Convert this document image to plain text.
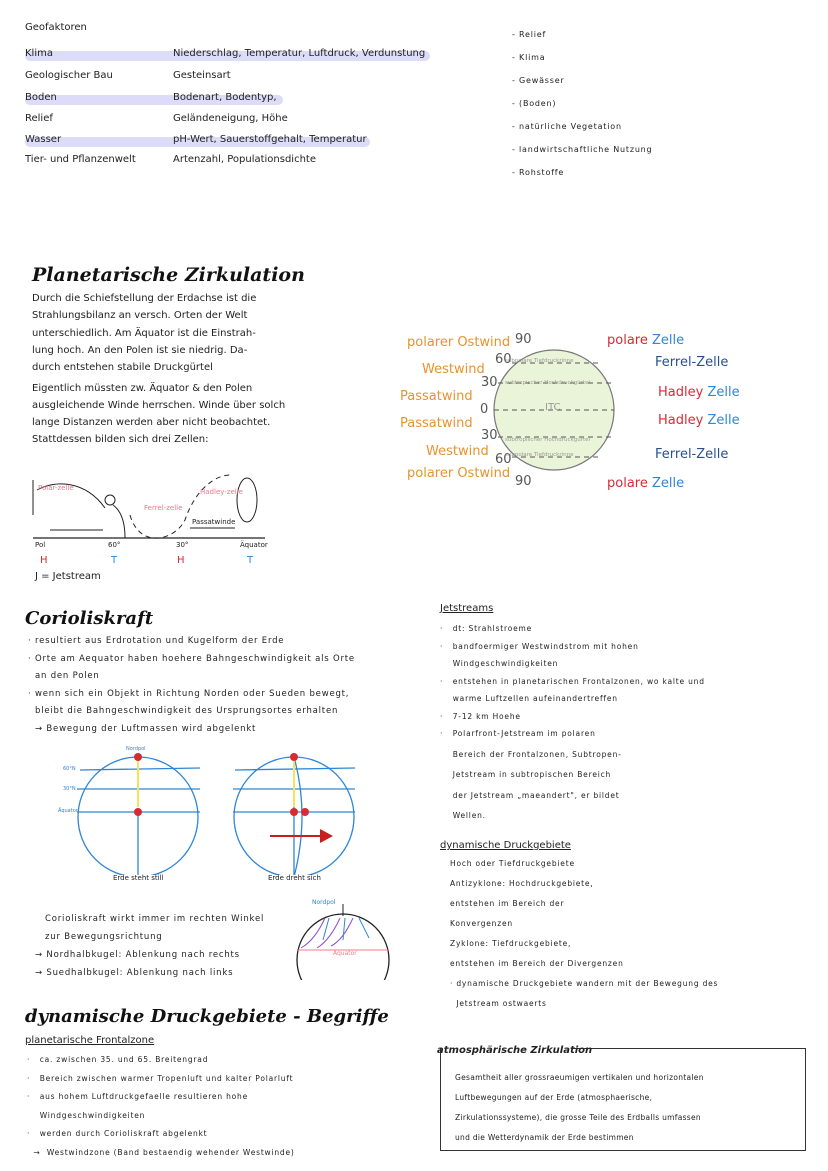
Geofaktoren
Klima	Niederschlag, Temperatur, Luftdruck, Verdunstung
Geologischer Bau	Gesteinsart
Boden	Bodenart, Bodentyp,
Relief	Geländeneigung, Höhe
Wasser	pH-Wert, Sauerstoffgehalt, Temperatur
Tier- und Pflanzenwelt	Artenzahl, Populationsdichte
- Relief
- Klima
- Gewässer
- (Boden)
- natürliche Vegetation
- landwirtschaftliche Nutzung
- Rohstoffe
Planetarische Zirkulation
Durch die Schiefstellung der Erdachse ist die
Strahlungsbilanz an versch. Orten der Welt
unterschiedlich. Am Äquator ist die Einstrah-
lung hoch. An den Polen ist sie niedrig. Da-
durch entstehen stabile Druckgürtel
Eigentlich müssten zw. Äquator & den Polen
ausgleichende Winde herrschen. Winde über solch
lange Distanzen werden aber nicht beobachtet.
Stattdessen bilden sich drei Zellen:
Polar-zelle
Ferrel-zelle
Hadley-zelle
Passatwinde
Pol	60°	30°	Äquator
H	T	H	T
J = Jetstream
polarer Ostwind
Westwind
Passatwind
Passatwind
Westwind
polarer Ostwind
90
60
30
0
30
60
90
subpolare Tiefdruckrinne
subtropischer Hochdruckgürtel
ITC
subtropischer Hochdruckgürtel
subpolare Tiefdruckrinne
polare Zelle
Ferrel-Zelle
Hadley Zelle
Hadley Zelle
Ferrel-Zelle
polare Zelle
Corioliskraft
· resultiert aus Erdrotation und Kugelform der Erde
· Orte am Aequator haben hoehere Bahngeschwindigkeit als Orte
an den Polen
· wenn sich ein Objekt in Richtung Norden oder Sueden bewegt,
bleibt die Bahngeschwindigkeit des Ursprungsortes erhalten
→ Bewegung der Luftmassen wird abgelenkt
Nordpol
60°N
30°N
Äquator
Erde steht still	Erde dreht sich
Nordpol
Äquator
Corioliskraft wirkt immer im rechten Winkel
zur Bewegungsrichtung
→ Nordhalbkugel: Ablenkung nach rechts
→ Suedhalbkugel: Ablenkung nach links
Jetstreams
·   dt: Strahlstroeme
·   bandfoermiger Westwindstrom mit hohen
Windgeschwindigkeiten
·   entstehen in planetarischen Frontalzonen, wo kalte und
warme Luftzellen aufeinandertreffen
·   7-12 km Hoehe
·   Polarfront-Jetstream im polaren
Bereich der Frontalzonen, Subtropen-
Jetstream in subtropischen Bereich
der Jetstream „maeandert", er bildet
Wellen.
dynamische Druckgebiete
Hoch oder Tiefdruckgebiete
Antizyklone: Hochdruckgebiete,
entstehen im Bereich der
Konvergenzen
Zyklone: Tiefdruckgebiete,
entstehen im Bereich der Divergenzen
· dynamische Druckgebiete wandern mit der Bewegung des
Jetstream ostwaerts
dynamische Druckgebiete - Begriffe
planetarische Frontalzone
·   ca. zwischen 35. und 65. Breitengrad
·   Bereich zwischen warmer Tropenluft und kalter Polarluft
·   aus hohem Luftdruckgefaelle resultieren hohe
Windgeschwindigkeiten
·   werden durch Corioliskraft abgelenkt
→  Westwindzone (Band bestaendig wehender Westwinde)
atmosphärische Zirkulation
Gesamtheit aller grossraeumigen vertikalen und horizontalen
Luftbewegungen auf der Erde (atmosphaerische,
Zirkulationssysteme), die grosse Teile des Erdballs umfassen
und die Wetterdynamik der Erde bestimmen
